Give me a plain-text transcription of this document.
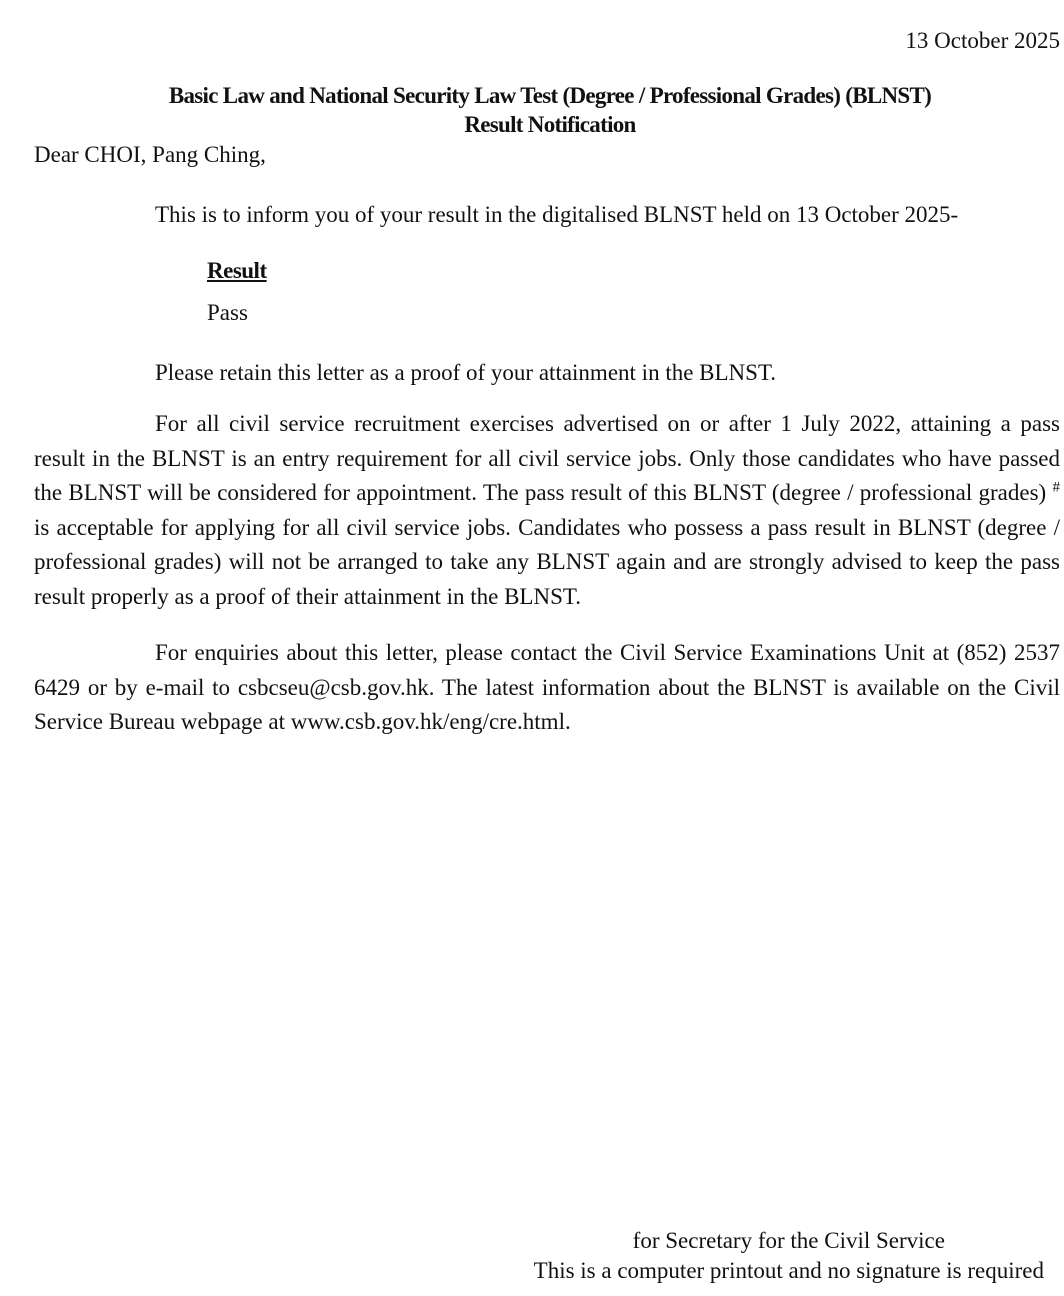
13 October 2025
Basic Law and National Security Law Test (Degree / Professional Grades) (BLNST)
Result Notification
Dear CHOI, Pang Ching,
This is to inform you of your result in the digitalised BLNST held on 13 October 2025-
Result
Pass
Please retain this letter as a proof of your attainment in the BLNST.
For all civil service recruitment exercises advertised on or after 1 July 2022, attaining a pass result in the BLNST is an entry requirement for all civil service jobs. Only those candidates who have passed the BLNST will be considered for appointment. The pass result of this BLNST (degree / professional grades) # is acceptable for applying for all civil service jobs. Candidates who possess a pass result in BLNST (degree / professional grades) will not be arranged to take any BLNST again and are strongly advised to keep the pass result properly as a proof of their attainment in the BLNST.
For enquiries about this letter, please contact the Civil Service Examinations Unit at (852) 2537 6429 or by e-mail to csbcseu@csb.gov.hk. The latest information about the BLNST is available on the Civil Service Bureau webpage at www.csb.gov.hk/eng/cre.html.
for Secretary for the Civil Service
This is a computer printout and no signature is required
